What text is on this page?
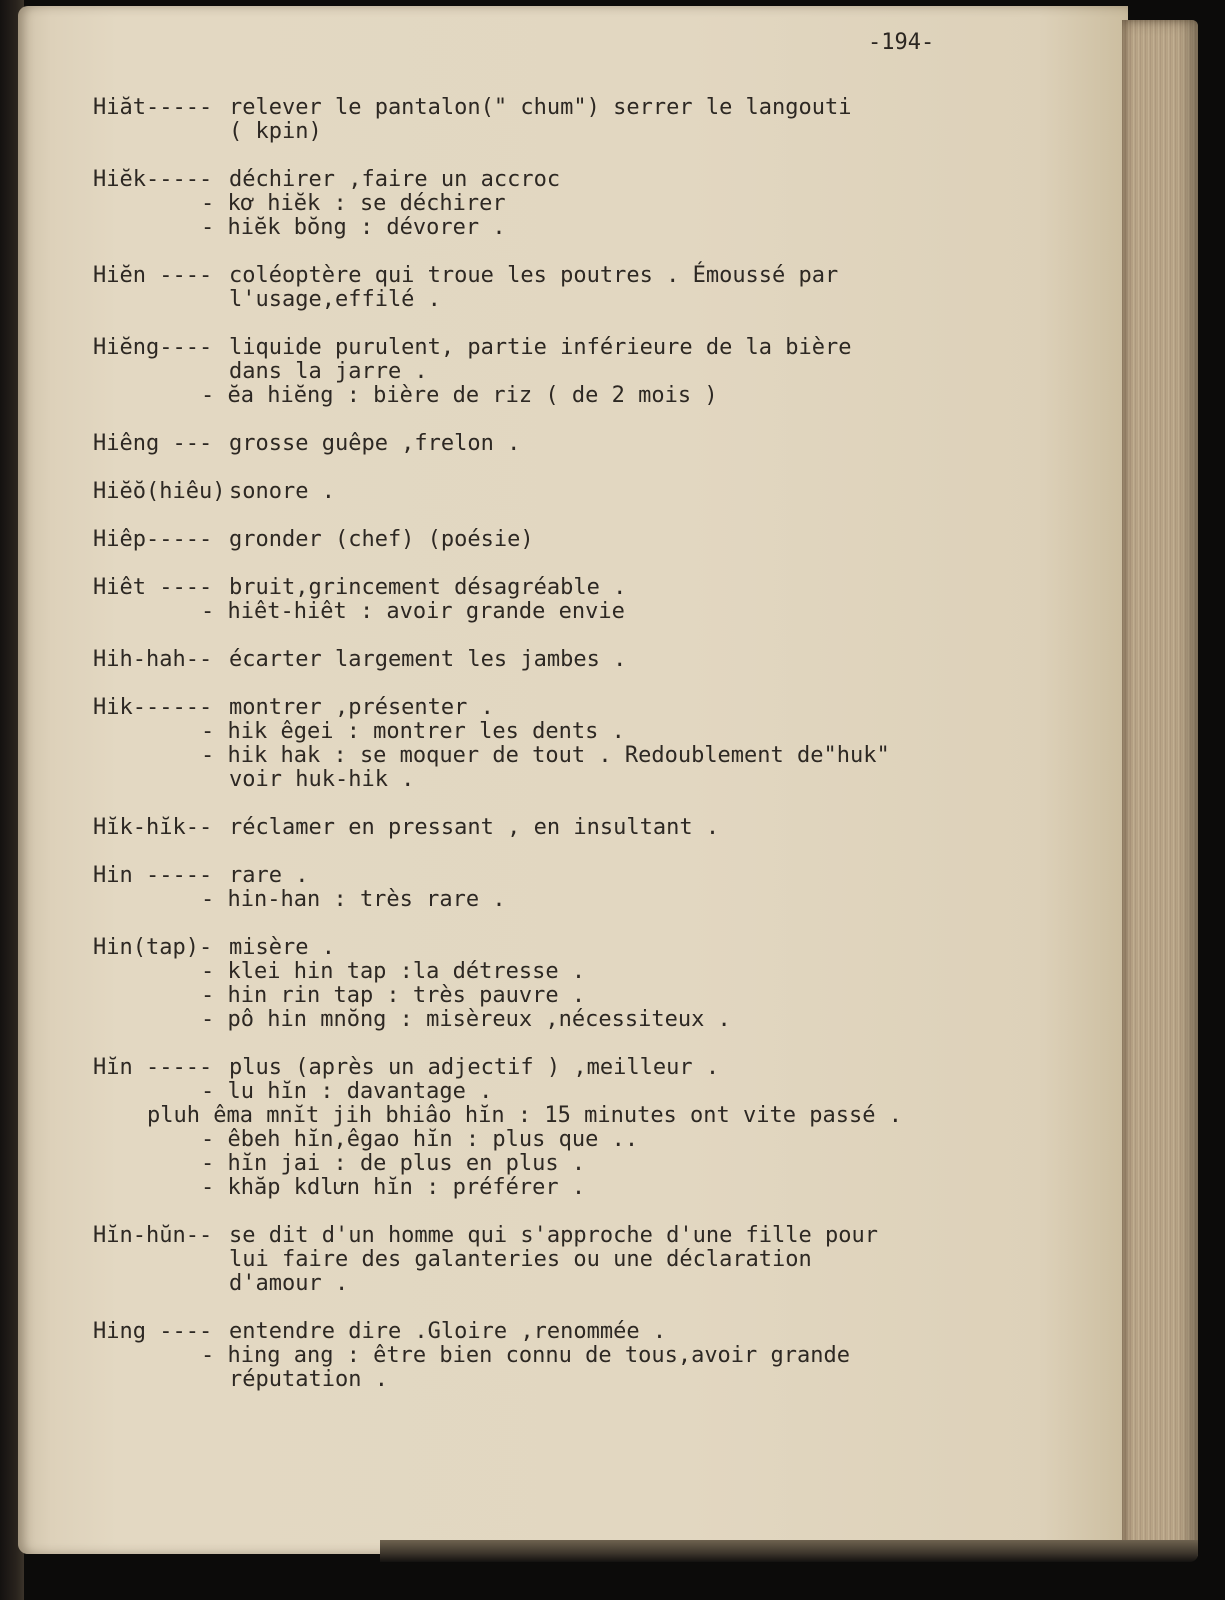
-194-
Hiăt----- relever le pantalon(" chum") serrer le langouti
( kpin)
Hiĕk----- déchirer ,faire un accroc
- kơ hiĕk : se déchirer
- hiĕk bŏng : dévorer .
Hiĕn ---- coléoptère qui troue les poutres . Émoussé par
l'usage,effilé .
Hiĕng---- liquide purulent, partie inférieure de la bière
dans la jarre .
- ĕa hiĕng : bière de riz ( de 2 mois )
Hiêng --- grosse guêpe ,frelon .
Hiĕŏ(hiêu) sonore .
Hiêp----- gronder (chef) (poésie)
Hiêt ---- bruit,grincement désagréable .
- hiêt-hiêt : avoir grande envie
Hih-hah-- écarter largement les jambes .
Hik------ montrer ,présenter .
- hik êgei : montrer les dents .
- hik hak : se moquer de tout . Redoublement de"huk"
voir huk-hik .
Hĭk-hĭk-- réclamer en pressant , en insultant .
Hin ----- rare .
- hin-han : très rare .
Hin(tap)- misère .
- klei hin tap :la détresse .
- hin rin tap : très pauvre .
- pô hin mnŏng : misèreux ,nécessiteux .
Hĭn ----- plus (après un adjectif ) ,meilleur .
- lu hĭn : davantage .
pluh êma mnĭt jih bhiâo hĭn : 15 minutes ont vite passé .
- êbeh hĭn,êgao hĭn : plus que ..
- hĭn jai : de plus en plus .
- khăp kdlưn hĭn : préférer .
Hĭn-hŭn-- se dit d'un homme qui s'approche d'une fille pour
lui faire des galanteries ou une déclaration
d'amour .
Hing ---- entendre dire .Gloire ,renommée .
- hing ang : être bien connu de tous,avoir grande
réputation .
